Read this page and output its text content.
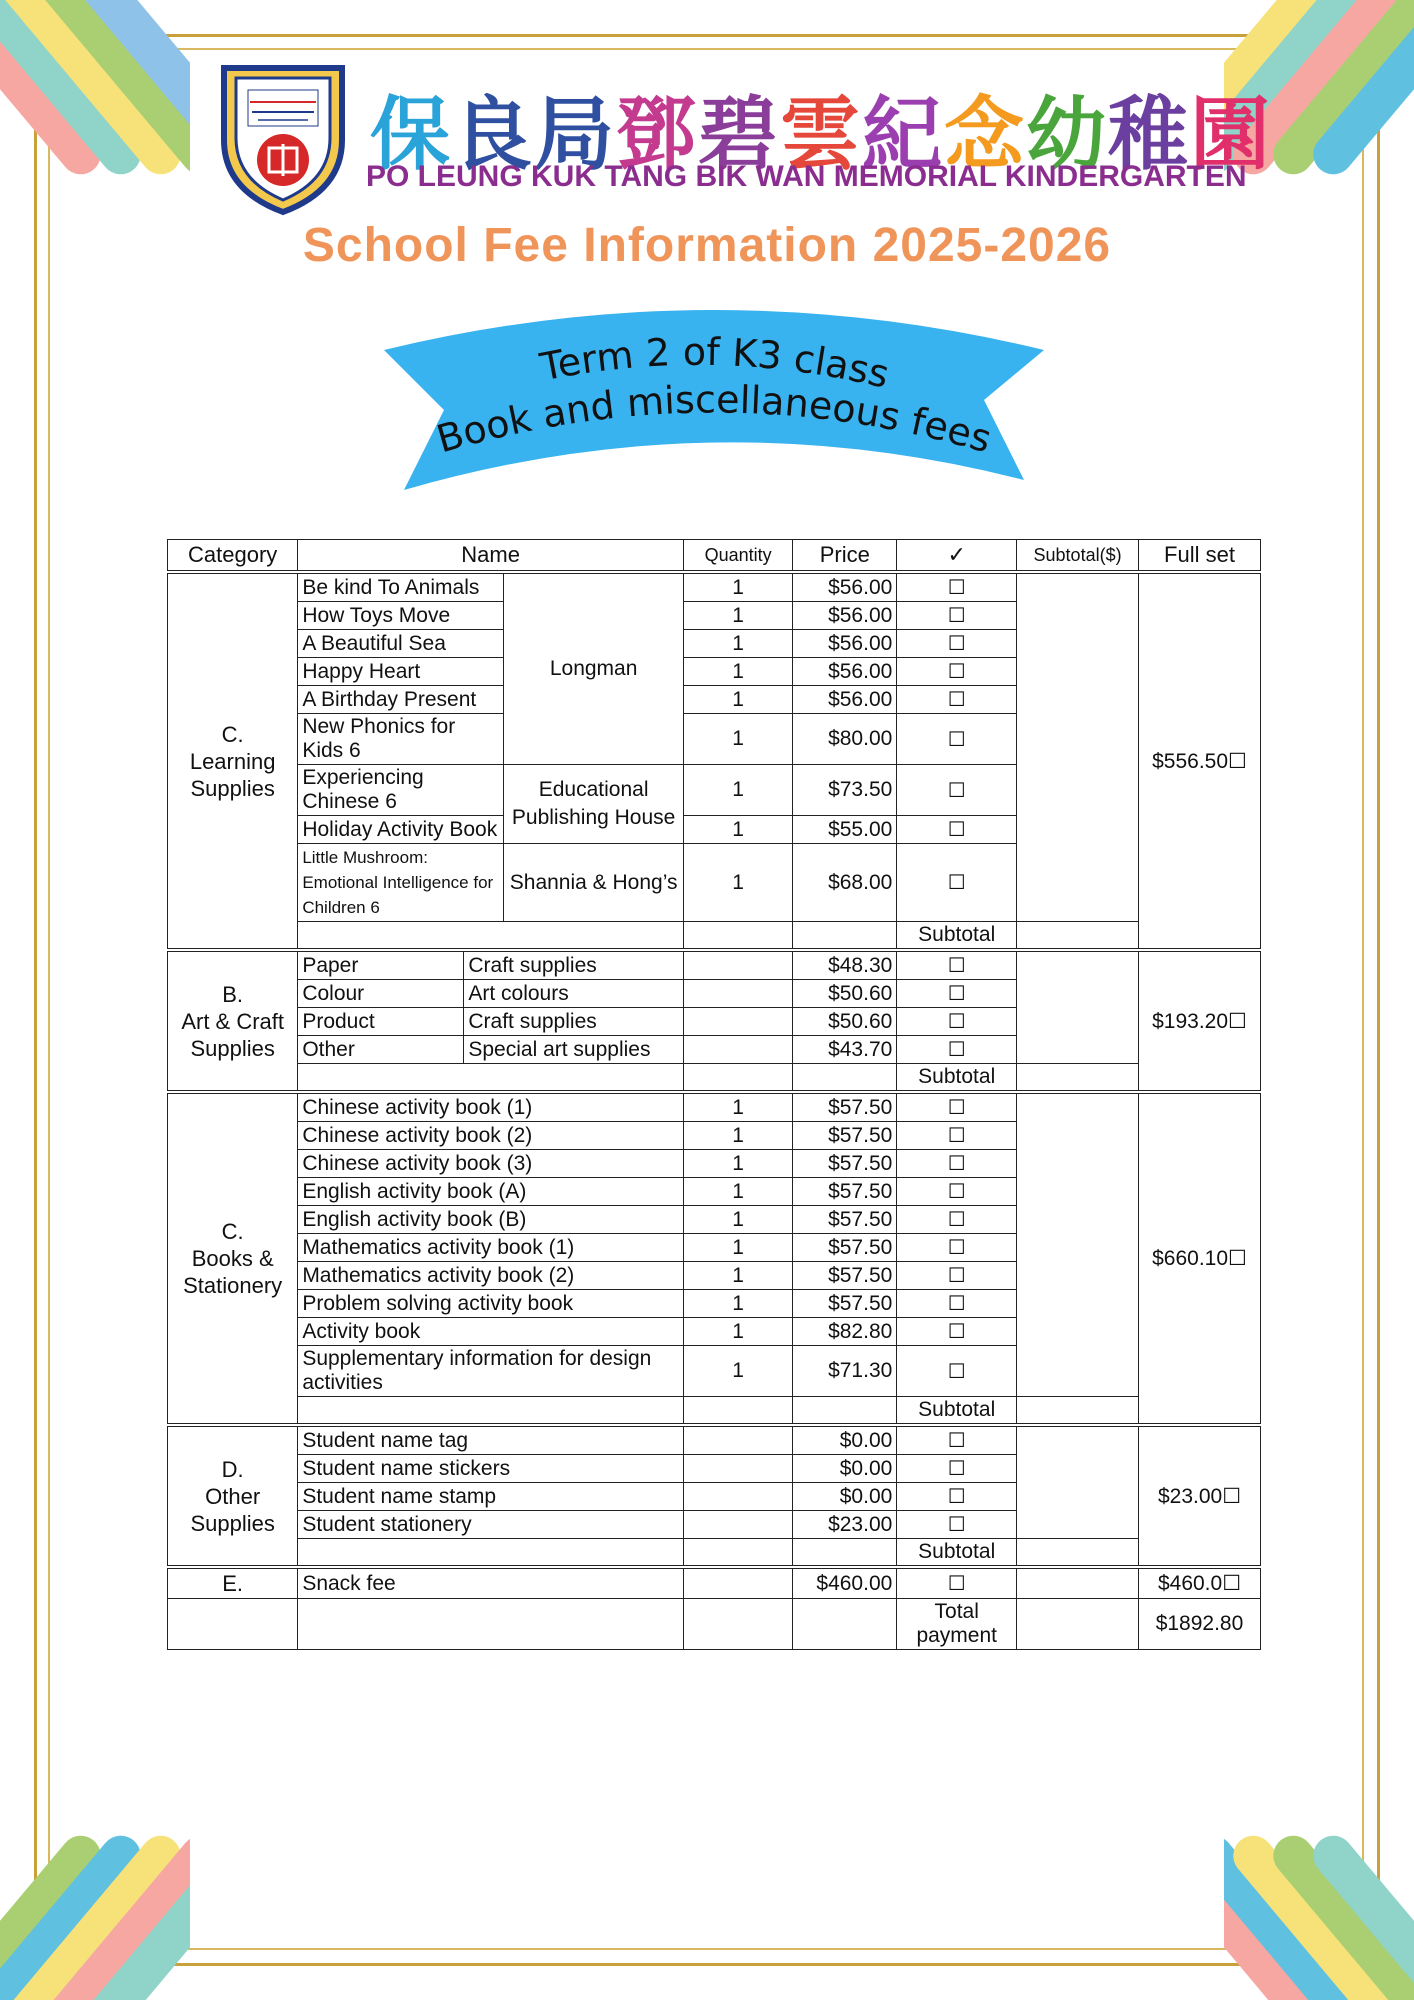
保良局鄧碧雲紀念幼稚園
PO LEUNG KUK TANG BIK WAN MEMORIAL KINDERGARTEN
School Fee Information 2025-2026
Term 2 of K3 class
Book and miscellaneous fees
Category	Name			Quantity	Price	✓	Subtotal($)	Full set
C.
Learning
Supplies	Be kind To Animals		Longman	1	$56.00	☐		$556.50☐
	How Toys Move			1	$56.00	☐		
	A Beautiful Sea			1	$56.00	☐		
	Happy Heart			1	$56.00	☐		
	A Birthday Present			1	$56.00	☐		
	New Phonics for Kids 6			1	$80.00	☐		
	Experiencing Chinese 6		Educational Publishing House	1	$73.50	☐		
	Holiday Activity Book			1	$55.00	☐		
	Little Mushroom: Emotional Intelligence for Children 6		Shannia & Hong’s	1	$68.00	☐		
						Subtotal		
B.
Art & Craft
Supplies	Paper	Craft supplies			$48.30	☐		$193.20☐
	Colour	Art colours			$50.60	☐		
	Product	Craft supplies			$50.60	☐		
	Other	Special art supplies			$43.70	☐		
						Subtotal		
C.
Books &
Stationery	Chinese activity book (1)			1	$57.50	☐		$660.10☐
	Chinese activity book (2)			1	$57.50	☐		
	Chinese activity book (3)			1	$57.50	☐		
	English activity book (A)			1	$57.50	☐		
	English activity book (B)			1	$57.50	☐		
	Mathematics activity book (1)			1	$57.50	☐		
	Mathematics activity book (2)			1	$57.50	☐		
	Problem solving activity book			1	$57.50	☐		
	Activity book			1	$82.80	☐		
	Supplementary information for design activities			1	$71.30	☐		
						Subtotal		
D.
Other
Supplies	Student name tag				$0.00	☐		$23.00☐
	Student name stickers				$0.00	☐		
	Student name stamp				$0.00	☐		
	Student stationery				$23.00	☐		
						Subtotal		
E.	Snack fee				$460.00	☐		$460.0☐
						Total payment		$1892.80
